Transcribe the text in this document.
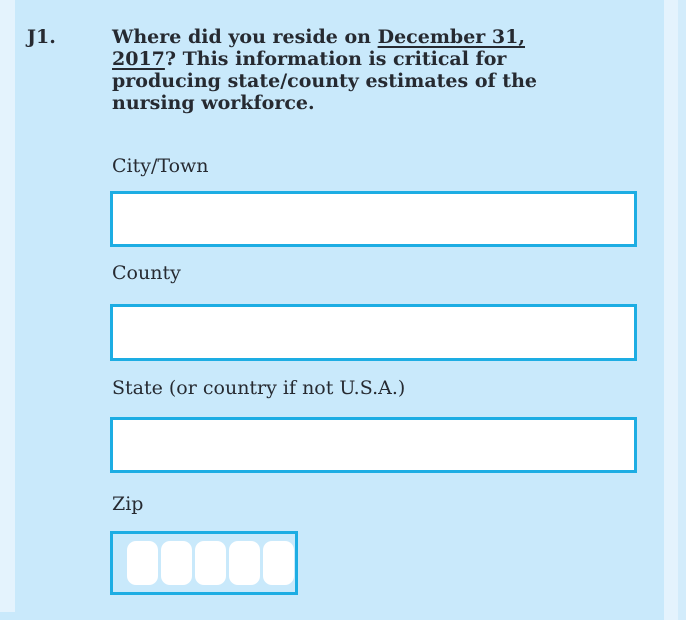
J1.	Where did you reside on December 31,
2017? This information is critical for
producing state/county estimates of the
nursing workforce.
City/Town
County
State (or country if not U.S.A.)
Zip
